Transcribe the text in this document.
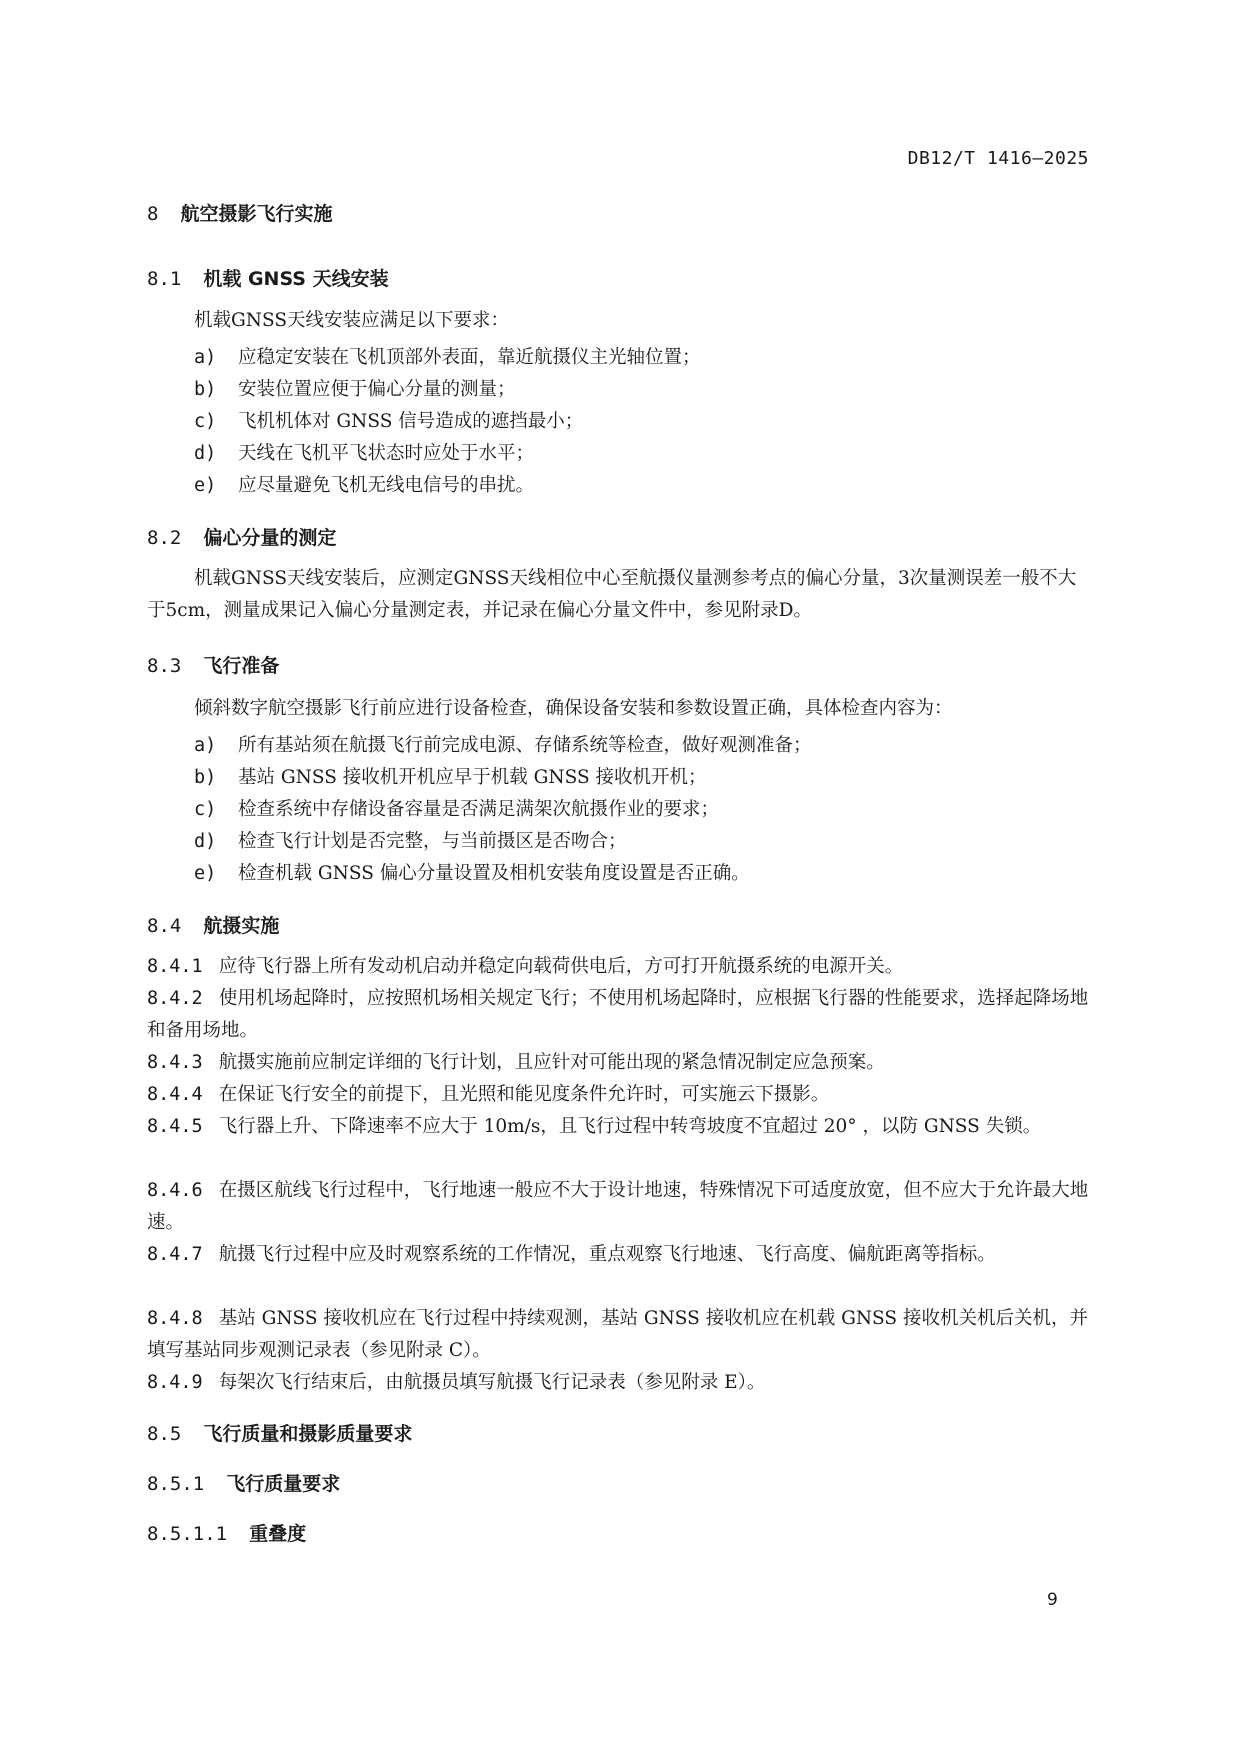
DB12/T 1416—2025
8 航空摄影飞行实施
8.1 机载 GNSS 天线安装
机载GNSS天线安装应满足以下要求：
a) 应稳定安装在飞机顶部外表面，靠近航摄仪主光轴位置；
b) 安装位置应便于偏心分量的测量；
c) 飞机机体对 GNSS 信号造成的遮挡最小；
d) 天线在飞机平飞状态时应处于水平；
e) 应尽量避免飞机无线电信号的串扰。
8.2 偏心分量的测定
机载GNSS天线安装后，应测定GNSS天线相位中心至航摄仪量测参考点的偏心分量，3次量测误差一般不大于5cm，测量成果记入偏心分量测定表，并记录在偏心分量文件中，参见附录D。
8.3 飞行准备
倾斜数字航空摄影飞行前应进行设备检查，确保设备安装和参数设置正确，具体检查内容为：
a) 所有基站须在航摄飞行前完成电源、存储系统等检查，做好观测准备；
b) 基站 GNSS 接收机开机应早于机载 GNSS 接收机开机；
c) 检查系统中存储设备容量是否满足满架次航摄作业的要求；
d) 检查飞行计划是否完整，与当前摄区是否吻合；
e) 检查机载 GNSS 偏心分量设置及相机安装角度设置是否正确。
8.4 航摄实施
8.4.1 应待飞行器上所有发动机启动并稳定向载荷供电后，方可打开航摄系统的电源开关。
8.4.2 使用机场起降时，应按照机场相关规定飞行；不使用机场起降时，应根据飞行器的性能要求，选择起降场地和备用场地。
8.4.3 航摄实施前应制定详细的飞行计划，且应针对可能出现的紧急情况制定应急预案。
8.4.4 在保证飞行安全的前提下，且光照和能见度条件允许时，可实施云下摄影。
8.4.5 飞行器上升、下降速率不应大于 10m/s，且飞行过程中转弯坡度不宜超过 20° ，以防 GNSS 失锁。
8.4.6 在摄区航线飞行过程中，飞行地速一般应不大于设计地速，特殊情况下可适度放宽，但不应大于允许最大地速。
8.4.7 航摄飞行过程中应及时观察系统的工作情况，重点观察飞行地速、飞行高度、偏航距离等指标。
8.4.8 基站 GNSS 接收机应在飞行过程中持续观测，基站 GNSS 接收机应在机载 GNSS 接收机关机后关机，并填写基站同步观测记录表（参见附录 C）。
8.4.9 每架次飞行结束后，由航摄员填写航摄飞行记录表（参见附录 E）。
8.5 飞行质量和摄影质量要求
8.5.1 飞行质量要求
8.5.1.1 重叠度
9
